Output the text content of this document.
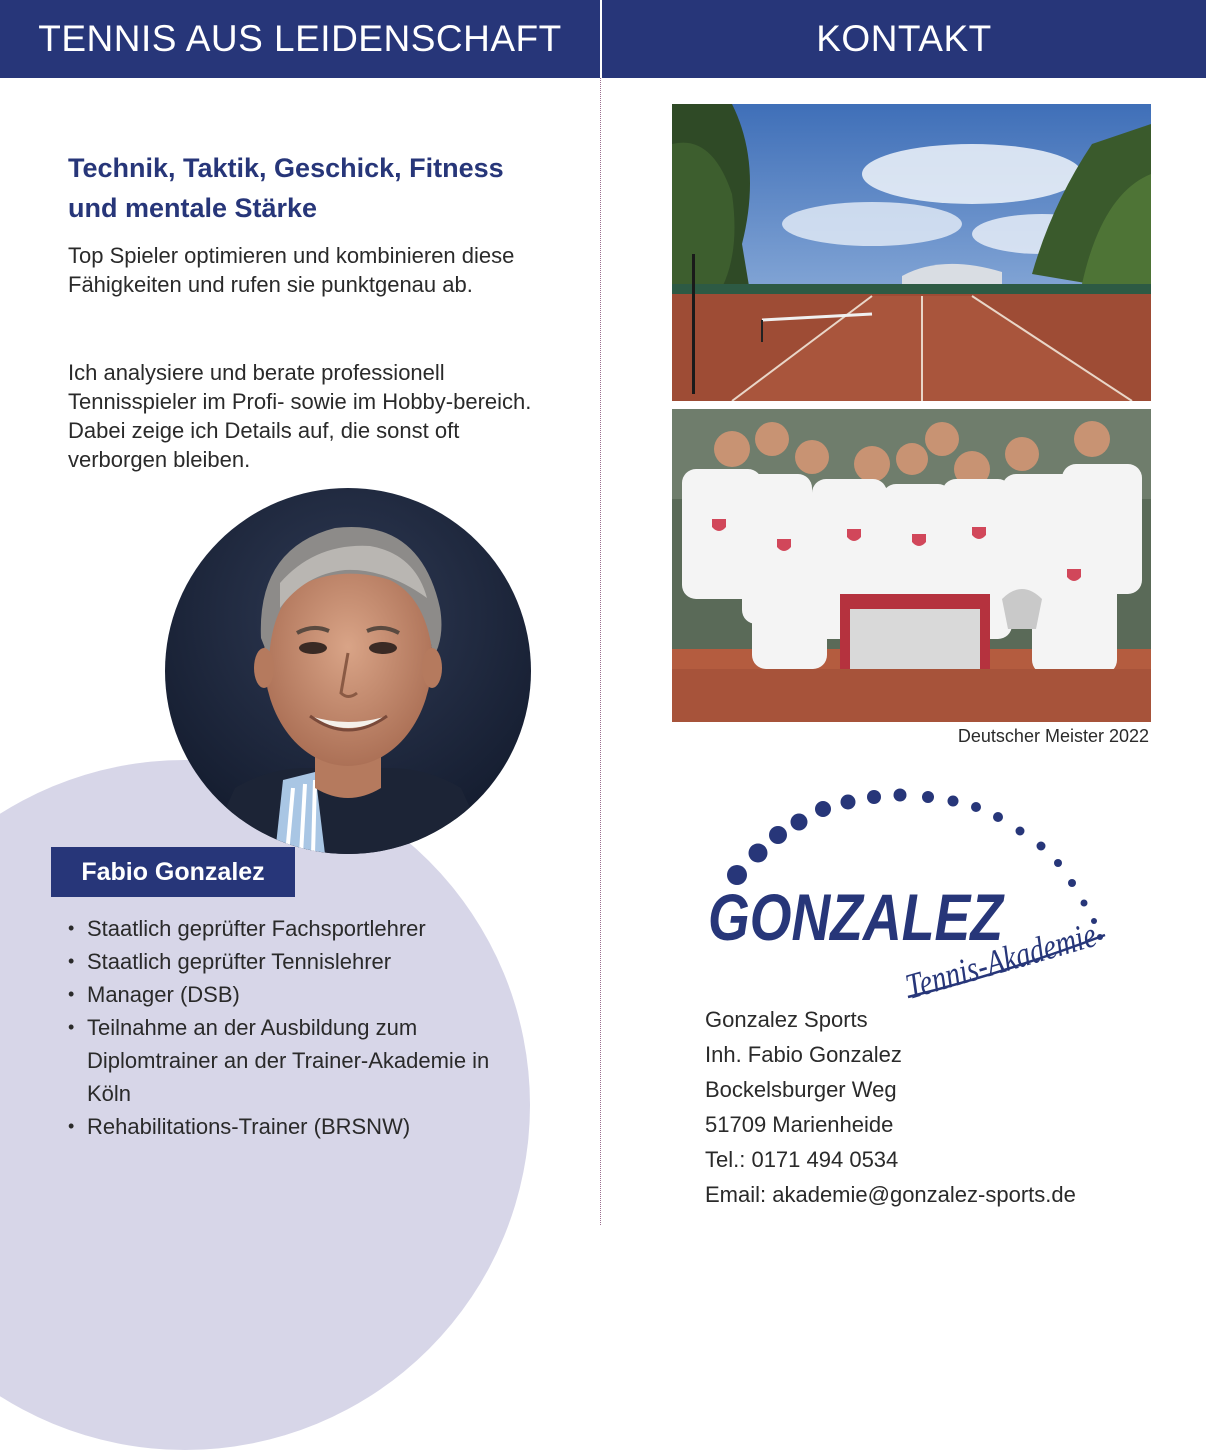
TENNIS AUS LEIDENSCHAFT	KONTAKT
Technik, Taktik, Geschick, Fitness
und mentale Stärke
Top Spieler optimieren und kombinieren diese Fähigkeiten und rufen sie punktgenau ab.
Ich analysiere und berate professionell Tennisspieler im Profi- sowie im Hobby-bereich. Dabei zeige ich Details auf, die sonst oft verborgen bleiben.
Fabio Gonzalez
• Staatlich geprüfter Fachsportlehrer
• Staatlich geprüfter Tennislehrer
• Manager (DSB)
• Teilnahme an der Ausbildung zum Diplomtrainer an der Trainer-Akademie in Köln
• Rehabilitations-Trainer (BRSNW)
Deutscher Meister 2022
GONZALEZ
Tennis-Akademie
Gonzalez Sports
Inh. Fabio Gonzalez
Bockelsburger Weg
51709 Marienheide
Tel.: 0171 494 0534
Email: akademie@gonzalez-sports.de
